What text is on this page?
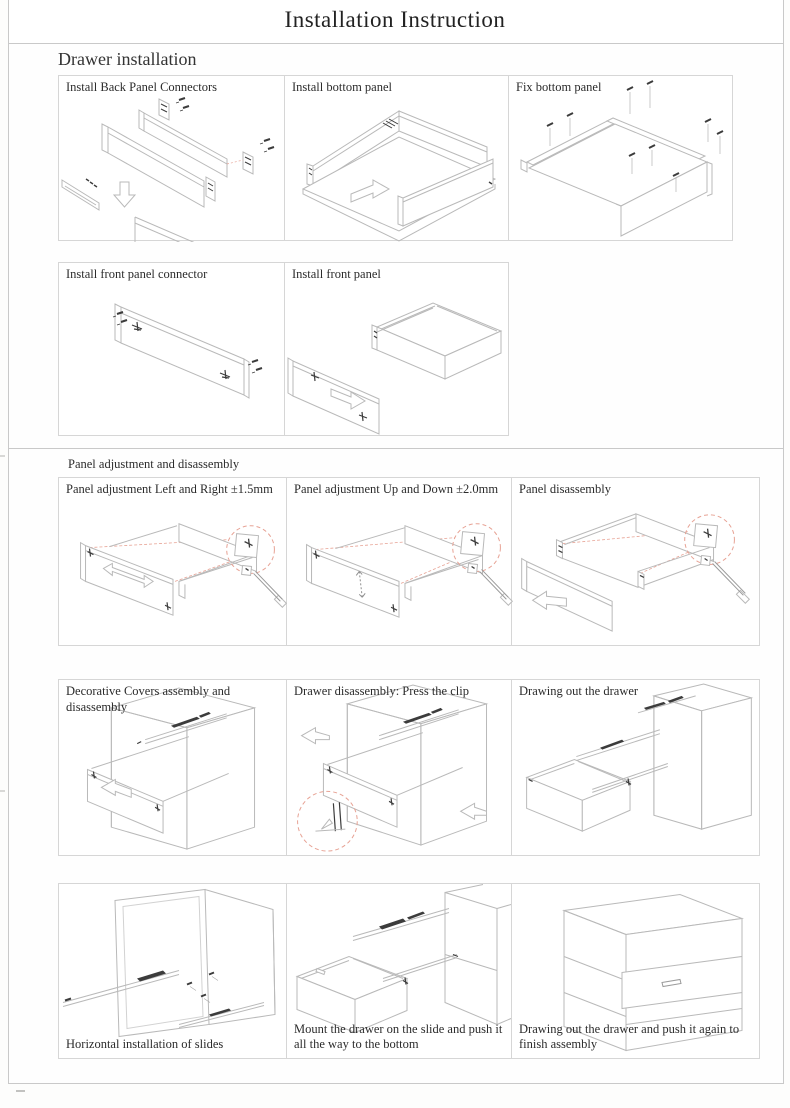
Installation Instruction
Drawer installation
Install Back Panel Connectors	Install bottom panel	Fix bottom panel
Install front panel connector	Install front panel
Panel adjustment and disassembly
Panel adjustment Left and Right ±1.5mm	Panel adjustment Up and Down ±2.0mm	Panel disassembly
Decorative Covers assembly and disassembly
Drawer disassembly: Press the clip	Drawing out the drawer
Horizontal installation of slides
Mount the drawer on the slide and push it all the way to the bottom
Drawing out the drawer and push it again to finish assembly
